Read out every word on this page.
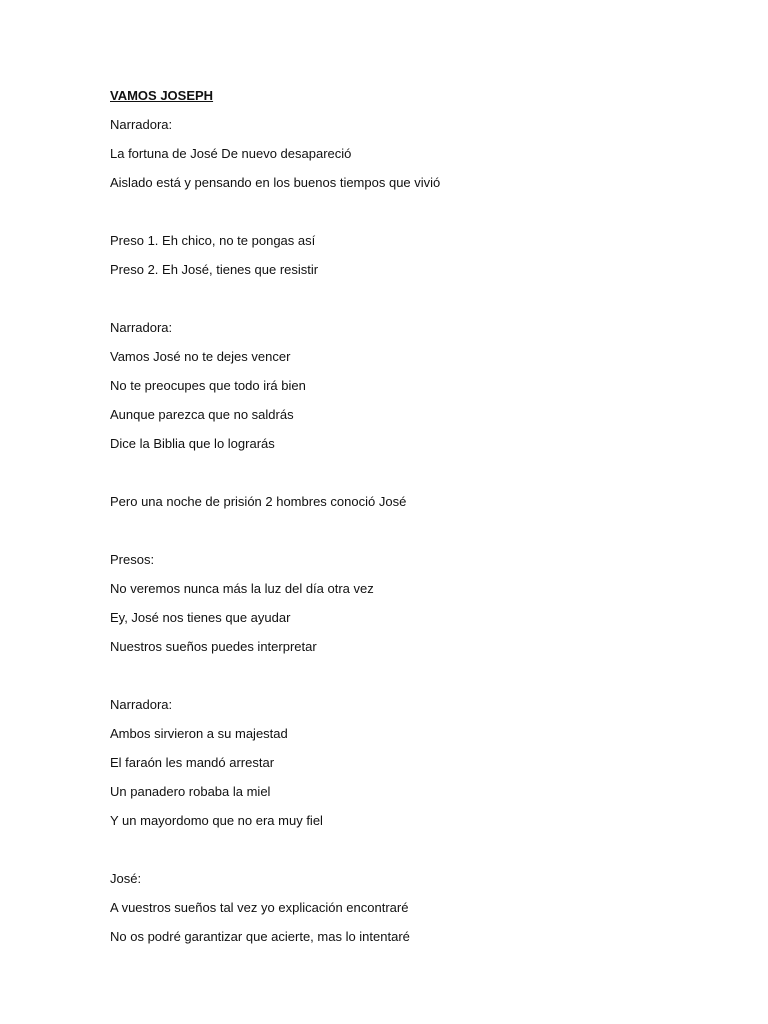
VAMOS JOSEPH
Narradora:
La fortuna de José De nuevo desapareció
Aislado está y pensando en los buenos tiempos que vivió
Preso 1. Eh chico, no te pongas así
Preso 2. Eh José, tienes que resistir
Narradora:
Vamos José no te dejes vencer
No te preocupes que todo irá bien
Aunque parezca que no saldrás
Dice la Biblia que lo lograrás
Pero una noche de prisión 2 hombres conoció José
Presos:
No veremos nunca más la luz del día otra vez
Ey, José nos tienes que ayudar
Nuestros sueños puedes interpretar
Narradora:
Ambos sirvieron a su majestad
El faraón les mandó arrestar
Un panadero robaba la miel
Y un mayordomo que no era muy fiel
José:
A vuestros sueños tal vez yo explicación encontraré
No os podré garantizar que acierte, mas lo intentaré
